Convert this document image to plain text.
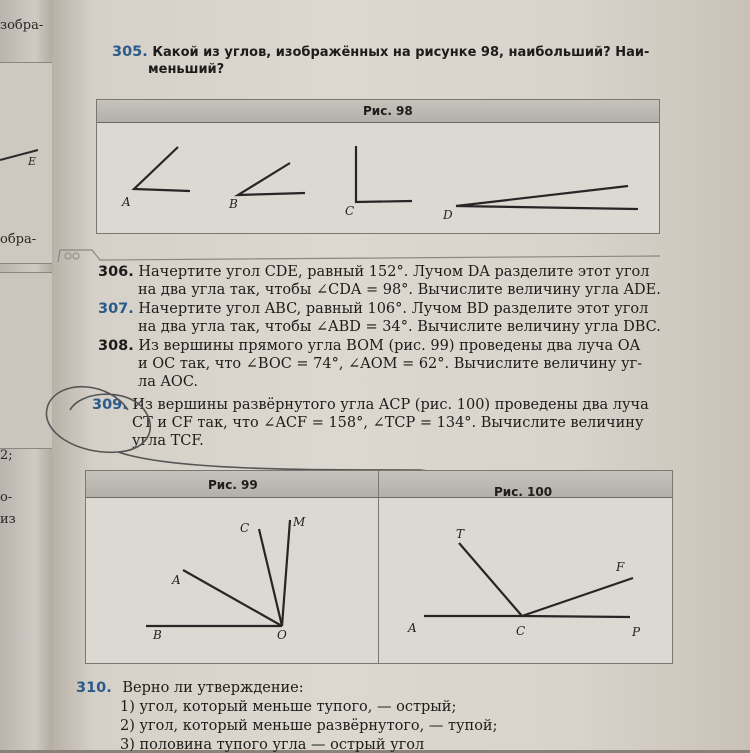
зобра-
E
обра-
2;
о-
из
305. Какой из углов, изображённых на рисунке 98, наибольший? Наи-
меньший?
Рис. 98
A	B	C	D
306. Начертите угол CDE, равный 152°. Лучом DA разделите этот угол
на два угла так, чтобы ∠CDA = 98°. Вычислите величину угла ADE.
307. Начертите угол ABC, равный 106°. Лучом BD разделите этот угол
на два угла так, чтобы ∠ABD = 34°. Вычислите величину угла DBC.
308. Из вершины прямого угла BOM (рис. 99) проведены два луча OA
и OC так, что ∠BOC = 74°, ∠AOM = 62°. Вычислите величину уг-
ла AOC.
309. Из вершины развёрнутого угла ACP (рис. 100) проведены два луча
CT и CF так, что ∠ACF = 158°, ∠TCP = 134°. Вычислите величину
угла TCF.
Рис. 99	Рис. 100
C	M
A
B	O
T
F
A	C	P
310. Верно ли утверждение:
1) угол, который меньше тупого, — острый;
2) угол, который меньше развёрнутого, — тупой;
3) половина тупого угла — острый угол
